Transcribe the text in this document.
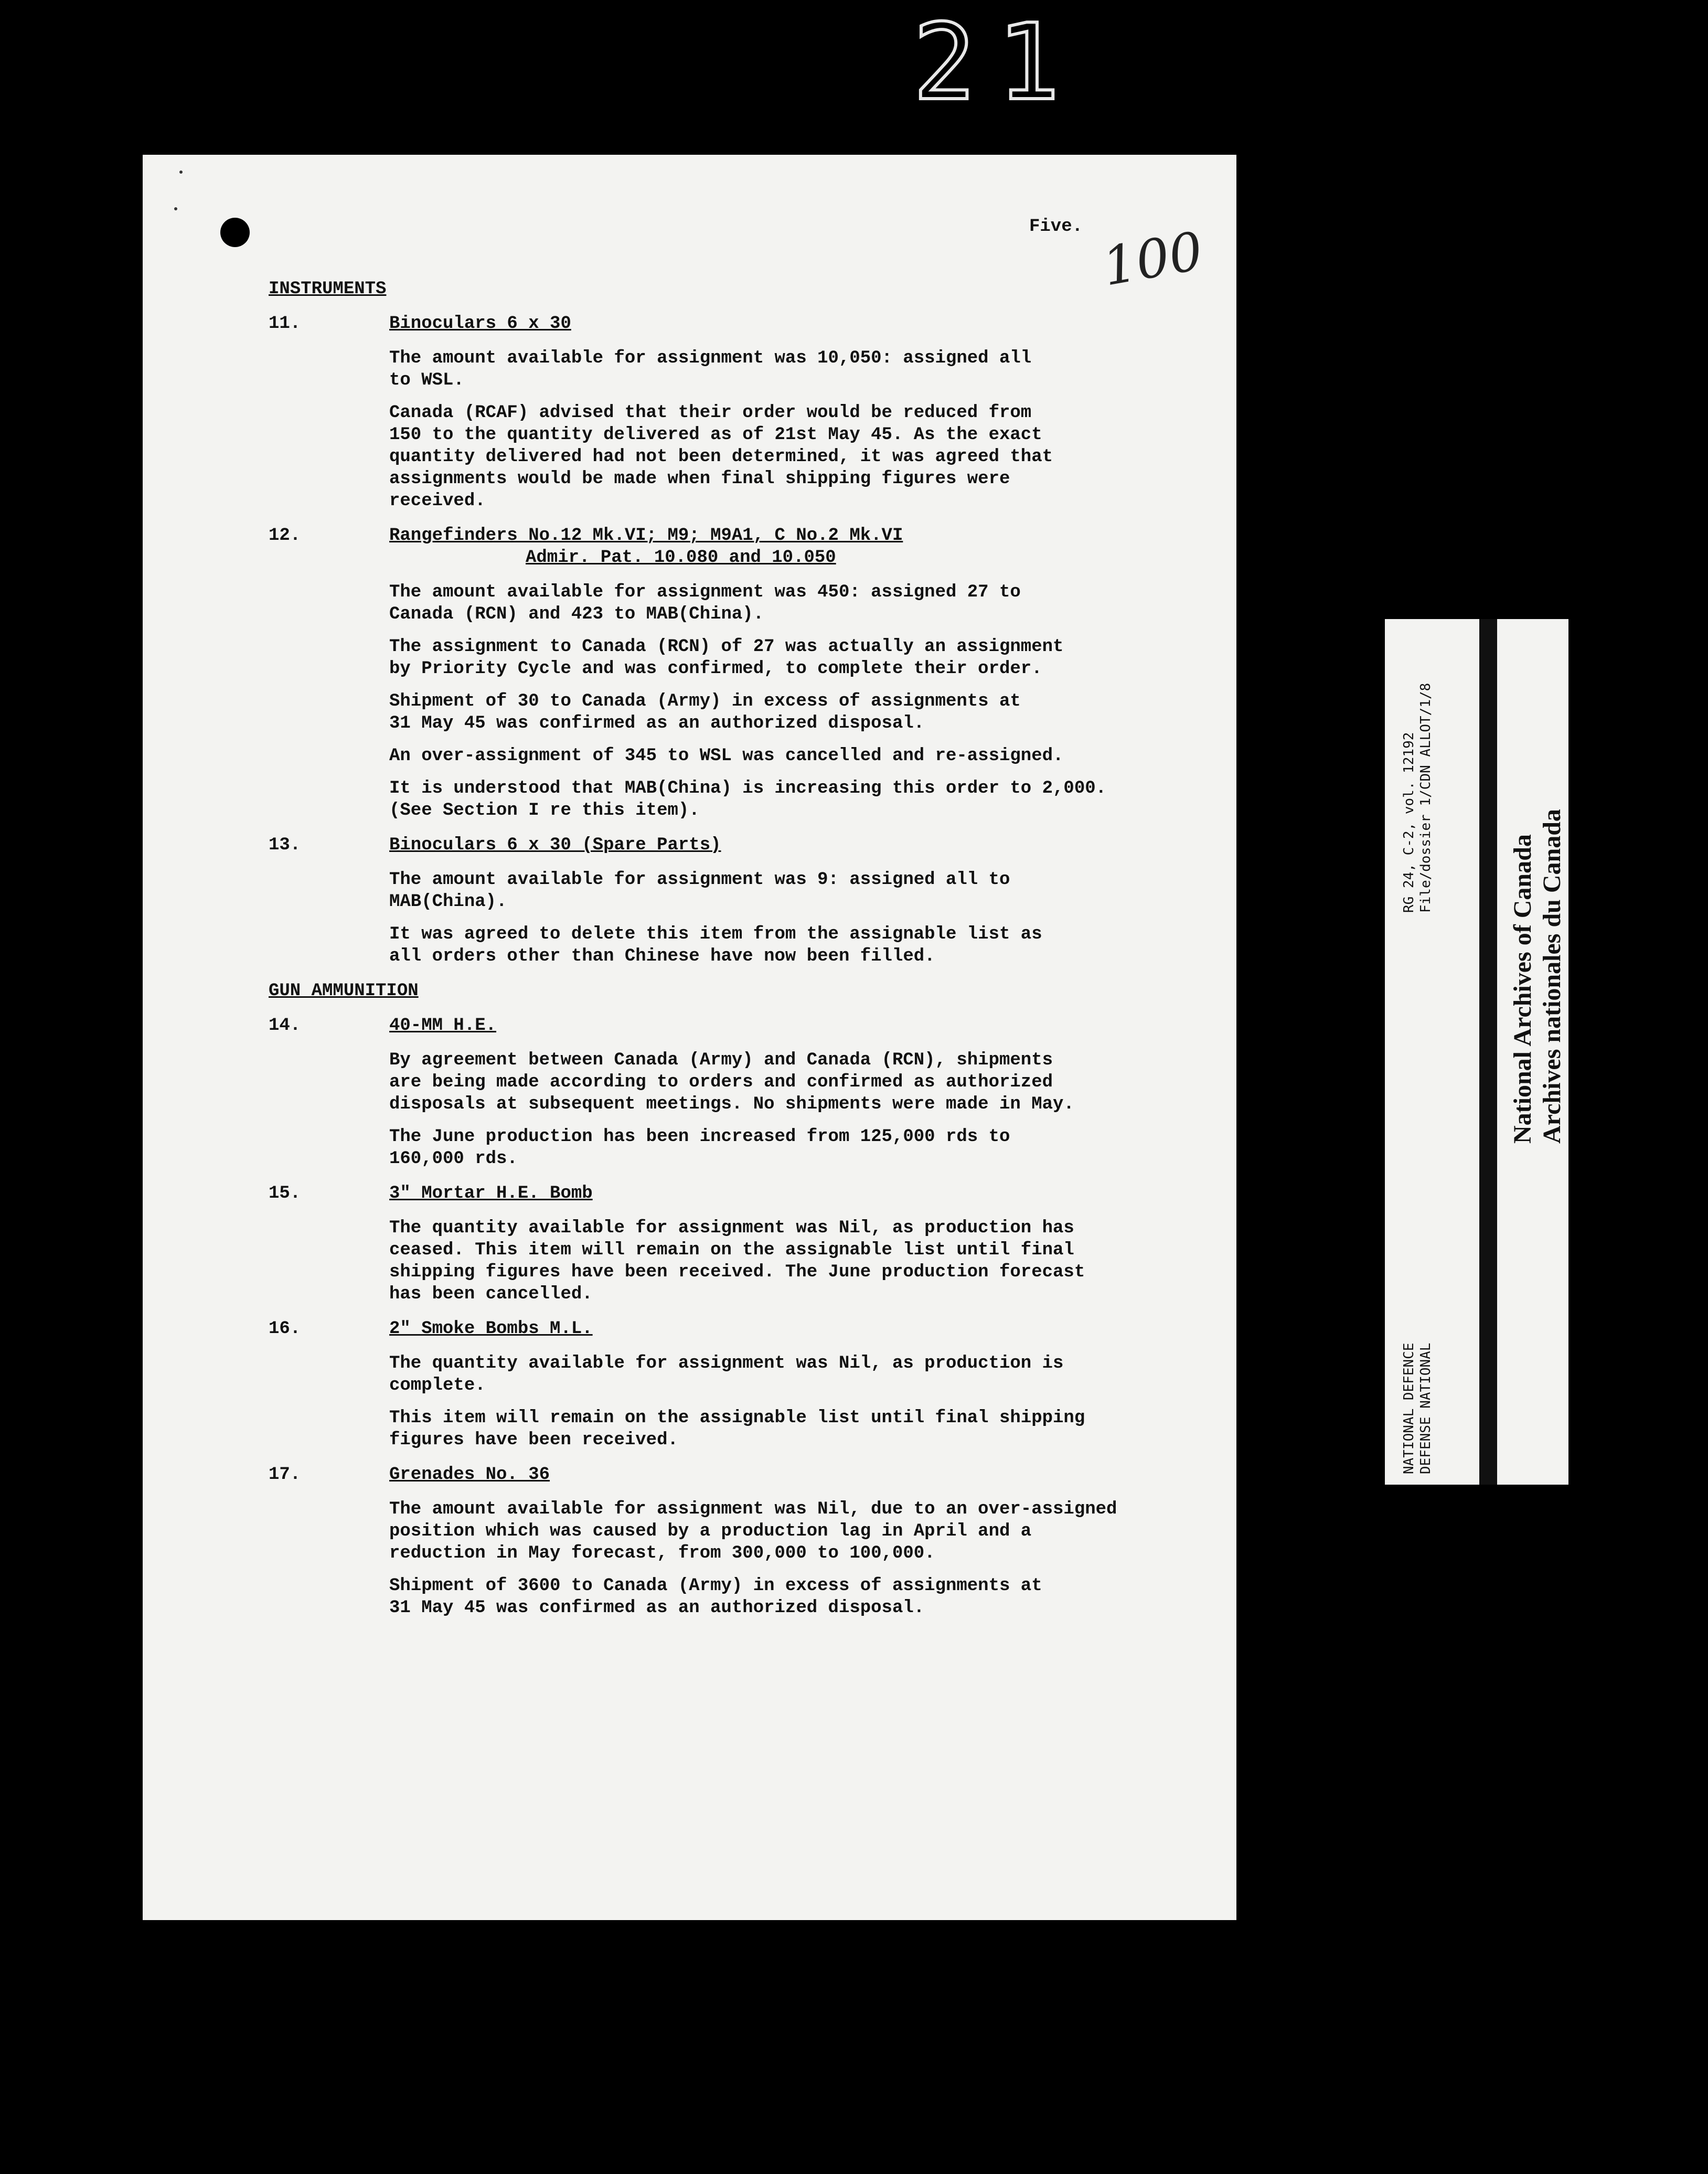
21
Five. 100
INSTRUMENTS
11.	Binoculars 6 x 30
The amount available for assignment was 10,050: assigned all
to WSL.
Canada (RCAF) advised that their order would be reduced from
150 to the quantity delivered as of 21st May 45. As the exact
quantity delivered had not been determined, it was agreed that
assignments would be made when final shipping figures were
received.
12.	Rangefinders No.12 Mk.VI; M9; M9A1, C No.2 Mk.VI
Admir. Pat. 10.080 and 10.050
The amount available for assignment was 450: assigned 27 to
Canada (RCN) and 423 to MAB(China).
The assignment to Canada (RCN) of 27 was actually an assignment
by Priority Cycle and was confirmed, to complete their order.
Shipment of 30 to Canada (Army) in excess of assignments at
31 May 45 was confirmed as an authorized disposal.
An over-assignment of 345 to WSL was cancelled and re-assigned.
It is understood that MAB(China) is increasing this order to 2,000.
(See Section I re this item).
13.	Binoculars 6 x 30 (Spare Parts)
The amount available for assignment was 9: assigned all to
MAB(China).
It was agreed to delete this item from the assignable list as
all orders other than Chinese have now been filled.
GUN AMMUNITION
14.	40-MM H.E.
By agreement between Canada (Army) and Canada (RCN), shipments
are being made according to orders and confirmed as authorized
disposals at subsequent meetings. No shipments were made in May.
The June production has been increased from 125,000 rds to
160,000 rds.
15.	3" Mortar H.E. Bomb
The quantity available for assignment was Nil, as production has
ceased. This item will remain on the assignable list until final
shipping figures have been received. The June production forecast
has been cancelled.
16.	2" Smoke Bombs M.L.
The quantity available for assignment was Nil, as production is
complete.
This item will remain on the assignable list until final shipping
figures have been received.
17.	Grenades No. 36
The amount available for assignment was Nil, due to an over-assigned
position which was caused by a production lag in April and a
reduction in May forecast, from 300,000 to 100,000.
Shipment of 3600 to Canada (Army) in excess of assignments at
31 May 45 was confirmed as an authorized disposal.
RG 24, C-2, vol. 12192 File/dossier 1/CDN ALLOT/1/8
NATIONAL DEFENCE DEFENSE NATIONAL
National Archives of Canada Archives nationales du Canada
